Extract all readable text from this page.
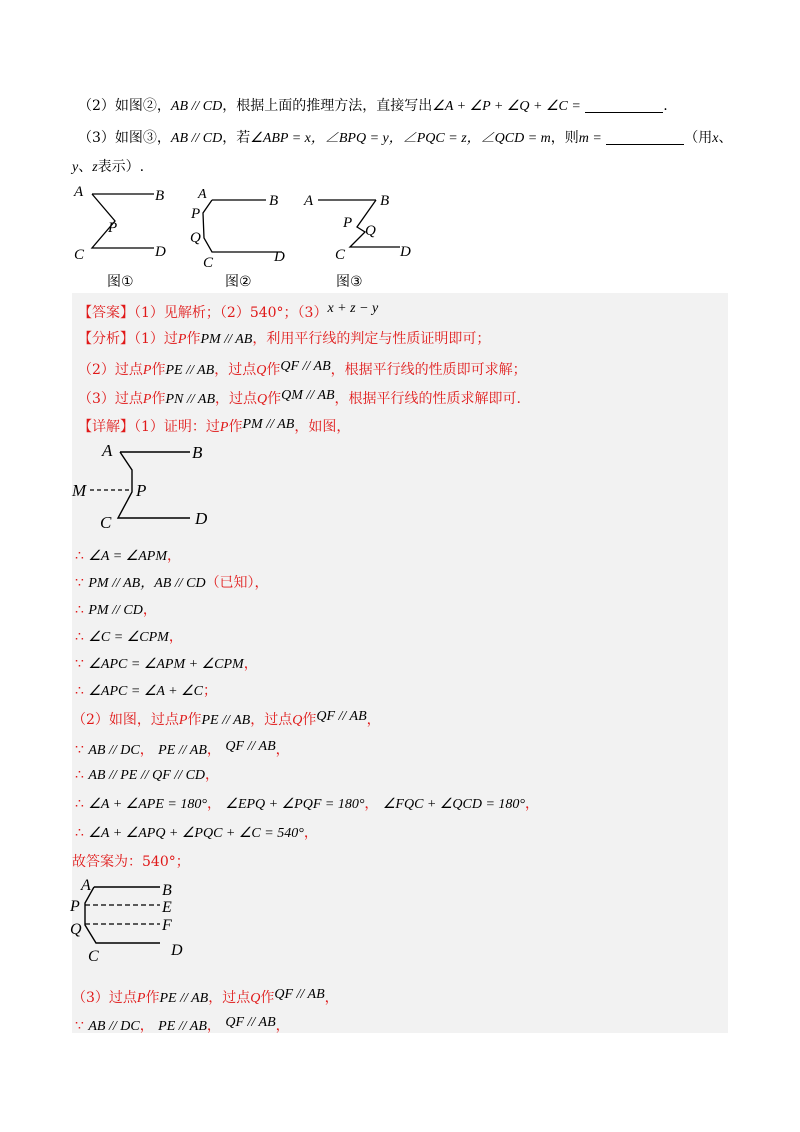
（2）如图②，AB // CD，根据上面的推理方法，直接写出∠A + ∠P + ∠Q + ∠C =	.
（3）如图③，AB // CD，若∠ABP = x，∠BPQ = y，∠PQC = z，∠QCD = m，则m =	（用x、
y、z表示）.
A	B
P
C	D
图①
A	B
P
Q
C	D
图②
A	B
P Q
C	D
图③
【答案】（1）见解析；（2）540°；（3）x + z − y
【分析】（1）过P作PM // AB，利用平行线的判定与性质证明即可；
（2）过点P作PE // AB，过点Q作QF // AB，根据平行线的性质即可求解；
（3）过点P作PN // AB，过点Q作QM // AB，根据平行线的性质求解即可.
【详解】（1）证明：过P作PM // AB，如图，
A	B
M	P
C	D
∴ ∠A = ∠APM，
∵ PM // AB，AB // CD（已知），
∴ PM // CD，
∴ ∠C = ∠CPM，
∵ ∠APC = ∠APM + ∠CPM，
∴ ∠APC = ∠A + ∠C；
（2）如图，过点P作PE // AB，过点Q作QF // AB，
∵ AB // DC， PE // AB， QF // AB，
∴ AB // PE // QF // CD，
∴ ∠A + ∠APE = 180°， ∠EPQ + ∠PQF = 180°， ∠FQC + ∠QCD = 180°，
∴ ∠A + ∠APQ + ∠PQC + ∠C = 540°，
故答案为：540°；
A	B
P	E
Q	F
C	D
（3）过点P作PE // AB，过点Q作QF // AB，
∵ AB // DC， PE // AB， QF // AB，
